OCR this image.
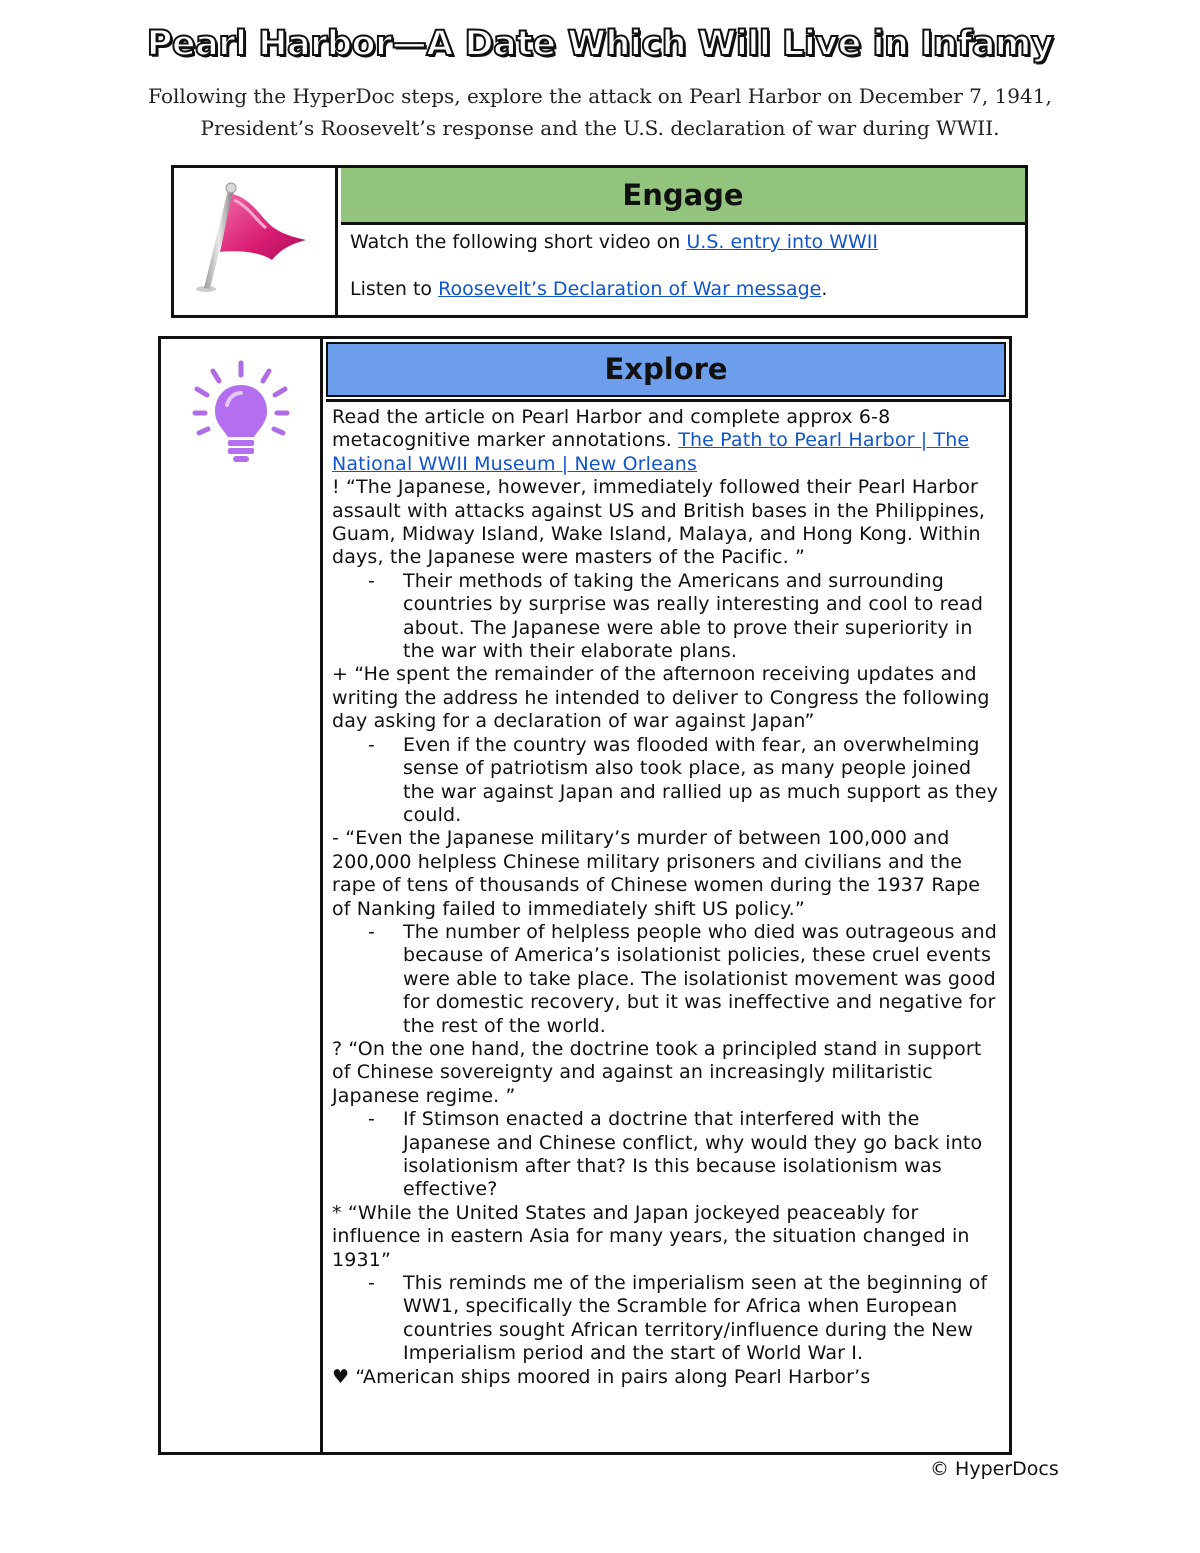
Pearl Harbor—A Date Which Will Live in Infamy
Following the HyperDoc steps, explore the attack on Pearl Harbor on December 7, 1941,
President’s Roosevelt’s response and the U.S. declaration of war during WWII.
Engage

Watch the following short video on U.S. entry into WWII

Listen to Roosevelt’s Declaration of War message.

Explore

Read the article on Pearl Harbor and complete approx 6-8 metacognitive marker annotations. The Path to Pearl Harbor | The National WWII Museum | New Orleans

! “The Japanese, however, immediately followed their Pearl Harbor assault with attacks against US and British bases in the Philippines, Guam, Midway Island, Wake Island, Malaya, and Hong Kong. Within days, the Japanese were masters of the Pacific. ”

- Their methods of taking the Americans and surrounding countries by surprise was really interesting and cool to read about. The Japanese were able to prove their superiority in the war with their elaborate plans.

+ “He spent the remainder of the afternoon receiving updates and writing the address he intended to deliver to Congress the following day asking for a declaration of war against Japan”

- Even if the country was flooded with fear, an overwhelming sense of patriotism also took place, as many people joined the war against Japan and rallied up as much support as they could.

- “Even the Japanese military’s murder of between 100,000 and 200,000 helpless Chinese military prisoners and civilians and the rape of tens of thousands of Chinese women during the 1937 Rape of Nanking failed to immediately shift US policy.”

- The number of helpless people who died was outrageous and because of America’s isolationist policies, these cruel events were able to take place. The isolationist movement was good for domestic recovery, but it was ineffective and negative for the rest of the world.

? “On the one hand, the doctrine took a principled stand in support of Chinese sovereignty and against an increasingly militaristic Japanese regime. ”

- If Stimson enacted a doctrine that interfered with the Japanese and Chinese conflict, why would they go back into isolationism after that? Is this because isolationism was effective?

* “While the United States and Japan jockeyed peaceably for influence in eastern Asia for many years, the situation changed in 1931”

- This reminds me of the imperialism seen at the beginning of WW1, specifically the Scramble for Africa when European countries sought African territory/influence during the New Imperialism period and the start of World War I.

♥ “American ships moored in pairs along Pearl Harbor’s

© HyperDocs
